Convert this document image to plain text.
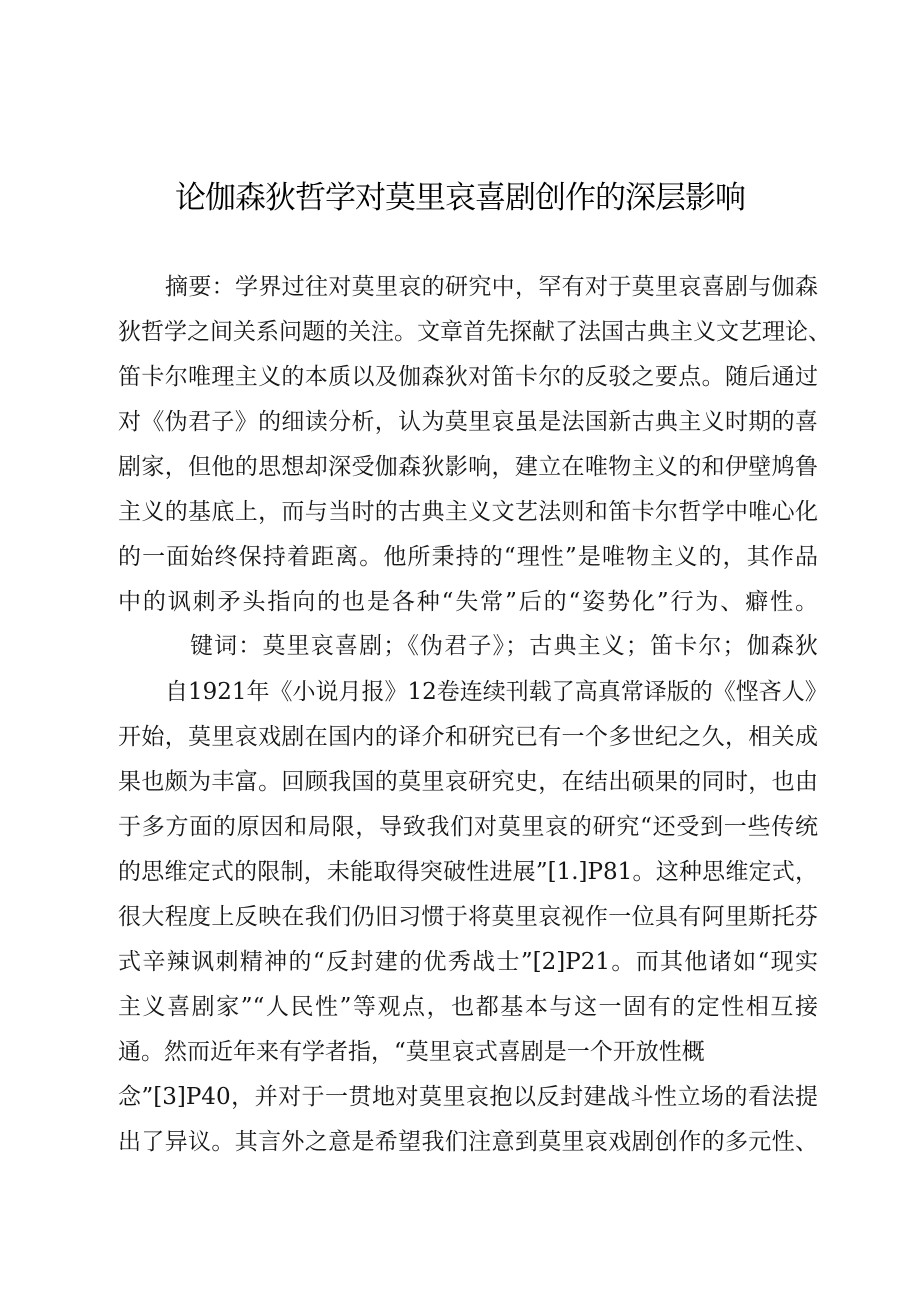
论伽森狄哲学对莫里哀喜剧创作的深层影响
摘要：学界过往对莫里哀的研究中，罕有对于莫里哀喜剧与伽森
狄哲学之间关系问题的关注。文章首先探献了法国古典主义文艺理论、
笛卡尔唯理主义的本质以及伽森狄对笛卡尔的反驳之要点。随后通过
对《伪君子》的细读分析，认为莫里哀虽是法国新古典主义时期的喜
剧家，但他的思想却深受伽森狄影响，建立在唯物主义的和伊壁鸠鲁
主义的基底上，而与当时的古典主义文艺法则和笛卡尔哲学中唯心化
的一面始终保持着距离。他所秉持的“理性”是唯物主义的，其作品
中的讽刺矛头指向的也是各种“失常”后的“姿势化”行为、癖性。
键词：莫里哀喜剧；《伪君子》；古典主义；笛卡尔；伽森狄
自1921年《小说月报》12卷连续刊载了高真常译版的《悭吝人》
开始，莫里哀戏剧在国内的译介和研究已有一个多世纪之久，相关成
果也颇为丰富。回顾我国的莫里哀研究史，在结出硕果的同时，也由
于多方面的原因和局限，导致我们对莫里哀的研究“还受到一些传统
的思维定式的限制，未能取得突破性进展”[1.]P81。这种思维定式，
很大程度上反映在我们仍旧习惯于将莫里哀视作一位具有阿里斯托芬
式辛辣讽刺精神的“反封建的优秀战士”[2]P21。而其他诸如“现实
主义喜剧家”“人民性”等观点，也都基本与这一固有的定性相互接
通。然而近年来有学者指，“莫里哀式喜剧是一个开放性概
念”[3]P40，并对于一贯地对莫里哀抱以反封建战斗性立场的看法提
出了异议。其言外之意是希望我们注意到莫里哀戏剧创作的多元性、
